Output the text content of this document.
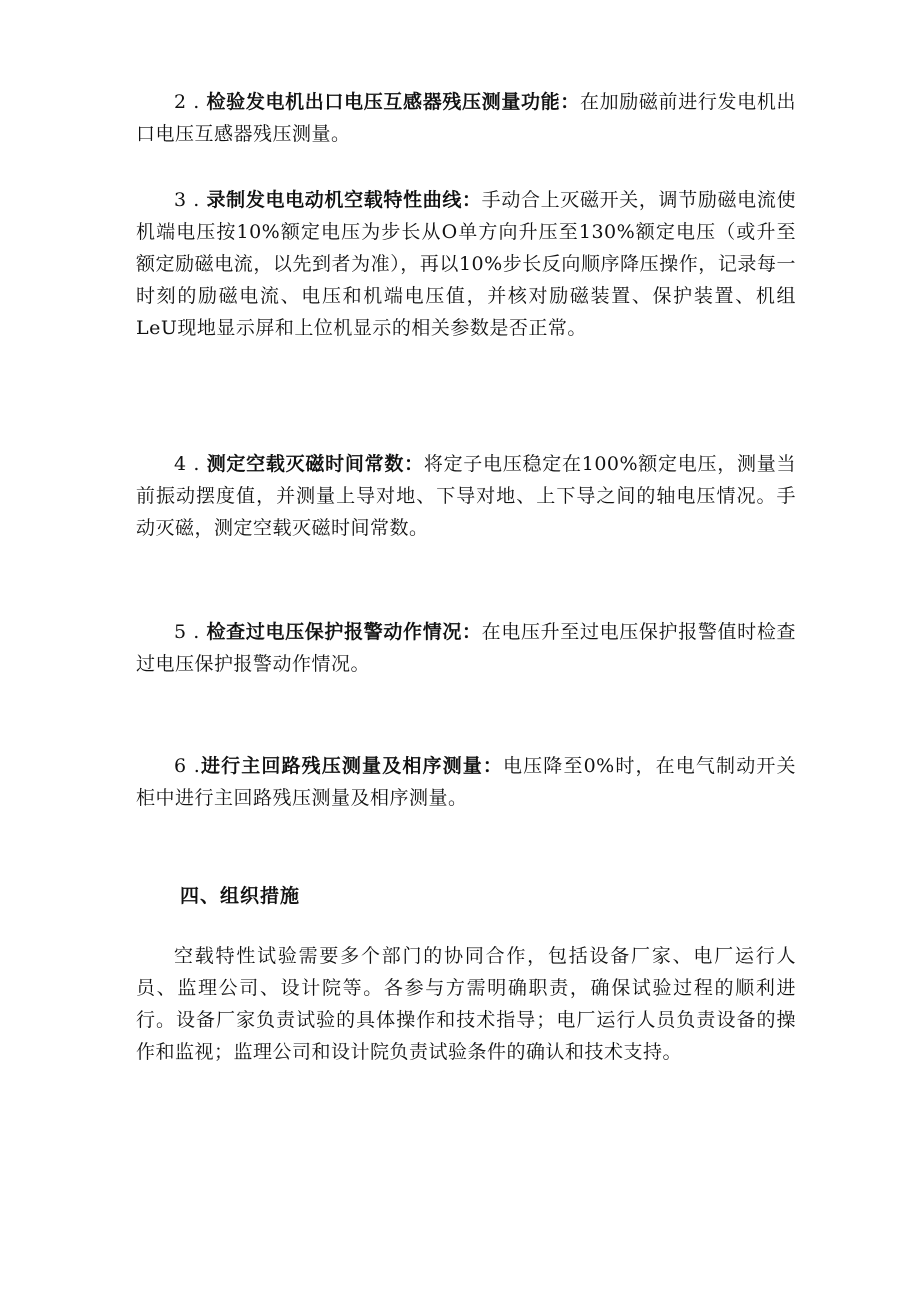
2 . 检验发电机出口电压互感器残压测量功能：在加励磁前进行发电机出口电压互感器残压测量。

3 . 录制发电电动机空载特性曲线：手动合上灭磁开关，调节励磁电流使机端电压按10%额定电压为步长从O单方向升压至130%额定电压（或升至额定励磁电流，以先到者为准），再以10%步长反向顺序降压操作，记录每一时刻的励磁电流、电压和机端电压值，并核对励磁装置、保护装置、机组LeU现地显示屏和上位机显示的相关参数是否正常。

4 . 测定空载灭磁时间常数：将定子电压稳定在100%额定电压，测量当前振动摆度值，并测量上导对地、下导对地、上下导之间的轴电压情况。手动灭磁，测定空载灭磁时间常数。

5 . 检查过电压保护报警动作情况：在电压升至过电压保护报警值时检查过电压保护报警动作情况。

6 .进行主回路残压测量及相序测量：电压降至0%时，在电气制动开关柜中进行主回路残压测量及相序测量。

四、组织措施

空载特性试验需要多个部门的协同合作，包括设备厂家、电厂运行人员、监理公司、设计院等。各参与方需明确职责，确保试验过程的顺利进行。设备厂家负责试验的具体操作和技术指导；电厂运行人员负责设备的操作和监视；监理公司和设计院负责试验条件的确认和技术支持。
